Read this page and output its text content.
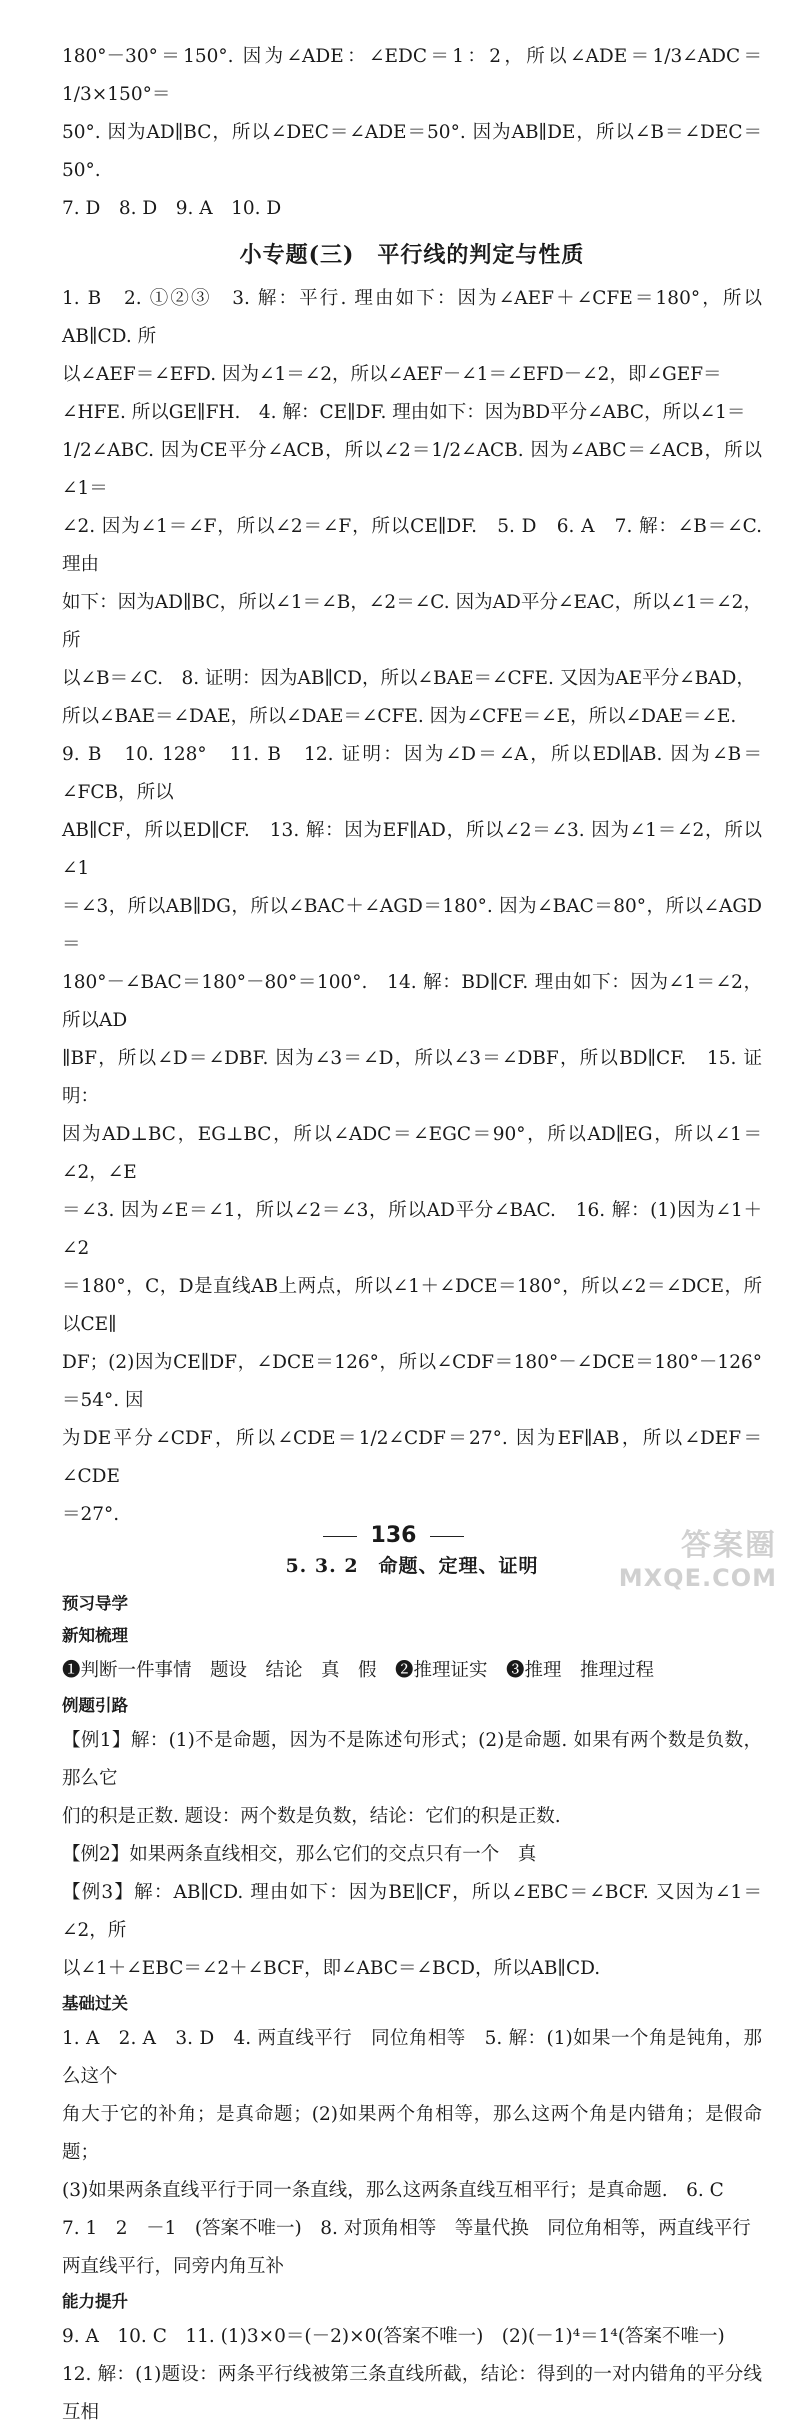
180°－30°＝150°. 因为∠ADE：∠EDC＝1：2，所以∠ADE＝1/3∠ADC＝1/3×150°＝

50°. 因为AD∥BC，所以∠DEC＝∠ADE＝50°. 因为AB∥DE，所以∠B＝∠DEC＝50°.

7. D　8. D　9. A　10. D

小专题(三)　平行线的判定与性质

1. B　2. ①②③　3. 解：平行. 理由如下：因为∠AEF＋∠CFE＝180°，所以AB∥CD. 所

以∠AEF＝∠EFD. 因为∠1＝∠2，所以∠AEF－∠1＝∠EFD－∠2，即∠GEF＝

∠HFE. 所以GE∥FH.　4. 解：CE∥DF. 理由如下：因为BD平分∠ABC，所以∠1＝

1/2∠ABC. 因为CE平分∠ACB，所以∠2＝1/2∠ACB. 因为∠ABC＝∠ACB，所以∠1＝

∠2. 因为∠1＝∠F，所以∠2＝∠F，所以CE∥DF.　5. D　6. A　7. 解：∠B＝∠C. 理由

如下：因为AD∥BC，所以∠1＝∠B，∠2＝∠C. 因为AD平分∠EAC，所以∠1＝∠2，所

以∠B＝∠C.　8. 证明：因为AB∥CD，所以∠BAE＝∠CFE. 又因为AE平分∠BAD，

所以∠BAE＝∠DAE，所以∠DAE＝∠CFE. 因为∠CFE＝∠E，所以∠DAE＝∠E.

9. B　10. 128°　11. B　12. 证明：因为∠D＝∠A，所以ED∥AB. 因为∠B＝∠FCB，所以

AB∥CF，所以ED∥CF.　13. 解：因为EF∥AD，所以∠2＝∠3. 因为∠1＝∠2，所以∠1

＝∠3，所以AB∥DG，所以∠BAC＋∠AGD＝180°. 因为∠BAC＝80°，所以∠AGD＝

180°－∠BAC＝180°－80°＝100°.　14. 解：BD∥CF. 理由如下：因为∠1＝∠2，所以AD

∥BF，所以∠D＝∠DBF. 因为∠3＝∠D，所以∠3＝∠DBF，所以BD∥CF.　15. 证明：

因为AD⊥BC，EG⊥BC，所以∠ADC＝∠EGC＝90°，所以AD∥EG，所以∠1＝∠2，∠E

＝∠3. 因为∠E＝∠1，所以∠2＝∠3，所以AD平分∠BAC.　16. 解：(1)因为∠1＋∠2

＝180°，C，D是直线AB上两点，所以∠1＋∠DCE＝180°，所以∠2＝∠DCE，所以CE∥

DF；(2)因为CE∥DF，∠DCE＝126°，所以∠CDF＝180°－∠DCE＝180°－126°＝54°. 因

为DE平分∠CDF，所以∠CDE＝1/2∠CDF＝27°. 因为EF∥AB，所以∠DEF＝∠CDE

＝27°.

5. 3. 2　命题、定理、证明
预习导学
新知梳理

❶判断一件事情　题设　结论　真　假　❷推理证实　❸推理　推理过程

例题引路

【例1】解：(1)不是命题，因为不是陈述句形式；(2)是命题. 如果有两个数是负数，那么它

们的积是正数. 题设：两个数是负数，结论：它们的积是正数.

【例2】如果两条直线相交，那么它们的交点只有一个　真

【例3】解：AB∥CD. 理由如下：因为BE∥CF，所以∠EBC＝∠BCF. 又因为∠1＝∠2，所

以∠1＋∠EBC＝∠2＋∠BCF，即∠ABC＝∠BCD，所以AB∥CD.

基础过关

1. A　2. A　3. D　4. 两直线平行　同位角相等　5. 解：(1)如果一个角是钝角，那么这个

角大于它的补角；是真命题；(2)如果两个角相等，那么这两个角是内错角；是假命题；

(3)如果两条直线平行于同一条直线，那么这两条直线互相平行；是真命题.　6. C

7. 1　2　－1　(答案不唯一)　8. 对顶角相等　等量代换　同位角相等，两直线平行

两直线平行，同旁内角互补

能力提升

9. A　10. C　11. (1)3×0＝(－2)×0(答案不唯一)　(2)(－1)⁴＝1⁴(答案不唯一)

12. 解：(1)题设：两条平行线被第三条直线所截，结论：得到的一对内错角的平分线互相

136	答案圈
MXQE.COM
